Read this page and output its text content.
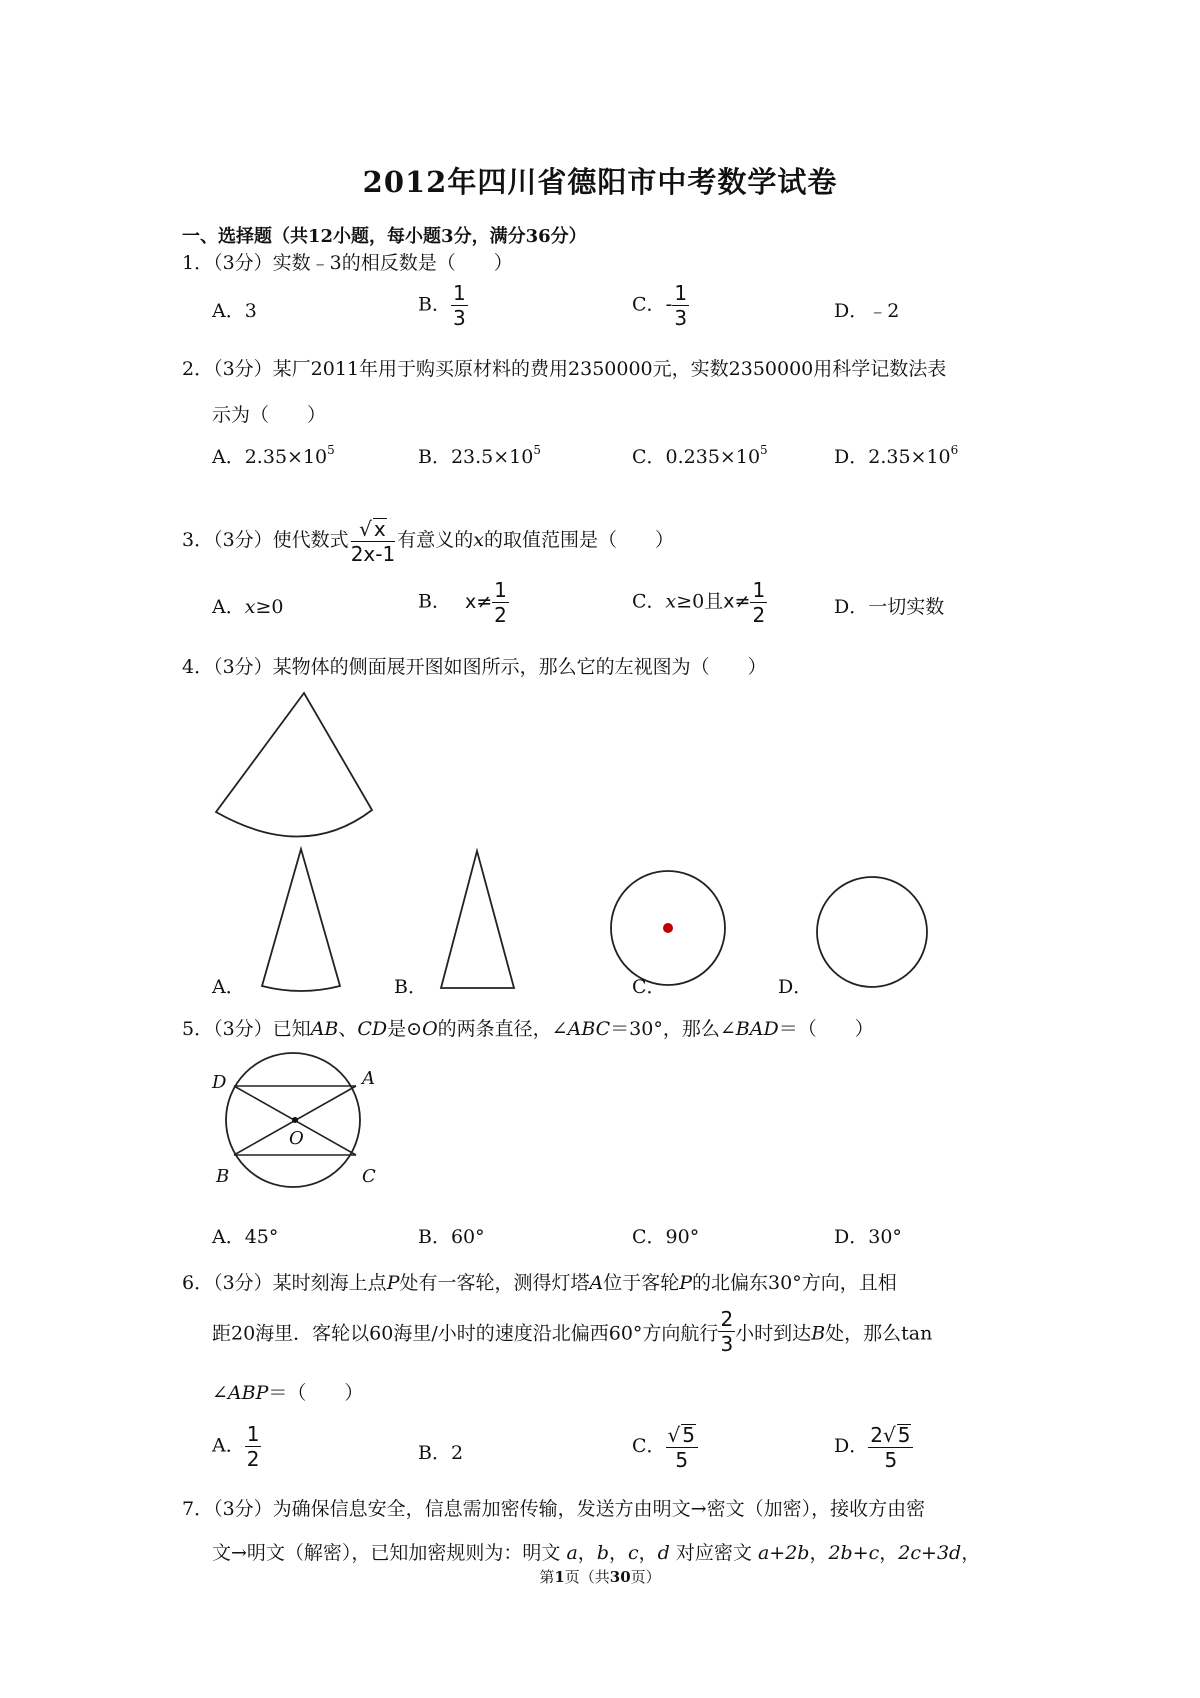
2012年四川省德阳市中考数学试卷
一、选择题（共12小题，每小题3分，满分36分）
1．（3分）实数﹣3的相反数是（　　）
A．3	B． $\frac{1}{3}$	C．- $\frac{1}{3}$	D．﹣2
2．（3分）某厂2011年用于购买原材料的费用2350000元，实数2350000用科学记数法表
示为（　　）
A．$2.35\times 10^5$	B．$23.5\times 10^5$	C．$0.235\times 10^5$	D．$2.35\times 10^6$
3．（3分）使代数式 $\frac{√ x}{2x-1}$ 有意义的x的取值范围是（　　）
A．x≥0	B． $x\ne \frac{1}{2}$	C．x≥0且$x\ne \frac{1}{2}$	D．一切实数
4．（3分）某物体的侧面展开图如图所示，那么它的左视图为（　　）
A．	B．	C．	D．
5．（3分）已知AB、CD是⊙O的两条直径，∠ABC＝30°，那么∠BAD＝（　　）
D	A
O
B	C
A．45°	B．60°	C．90°	D．30°
6．（3分）某时刻海上点P处有一客轮，测得灯塔A位于客轮P的北偏东30°方向，且相
距20海里．客轮以60海里/小时的速度沿北偏西60°方向航行 $\frac{2}{3}$ 小时到达B处，那么tan
∠ABP＝（　　）
A． $\frac{1}{2}$	B．2	C． $\frac{√ 5}{5}$	D． $\frac{2√ 5}{5}$
7．（3分）为确保信息安全，信息需加密传输，发送方由明文→密文（加密），接收方由密
文→明文（解密），已知加密规则为：明文 a，b，c，d 对应密文 a+2b，2b+c，2c+3d，
第1页（共30页）
